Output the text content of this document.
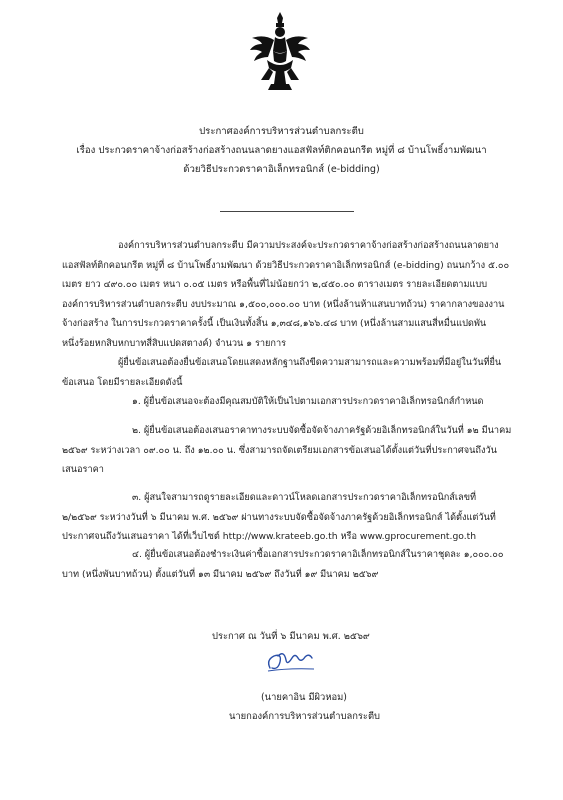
ประกาศองค์การบริหารส่วนตำบลกระตีบ
เรื่อง ประกวดราคาจ้างก่อสร้างก่อสร้างถนนลาดยางแอสฟัลท์ติกคอนกรีต หมู่ที่ ๘ บ้านโพธิ์งามพัฒนา
ด้วยวิธีประกวดราคาอิเล็กทรอนิกส์ (e-bidding)
องค์การบริหารส่วนตำบลกระตีบ มีความประสงค์จะประกวดราคาจ้างก่อสร้างก่อสร้างถนนลาดยาง
แอสฟัลท์ติกคอนกรีต หมู่ที่ ๘ บ้านโพธิ์งามพัฒนา ด้วยวิธีประกวดราคาอิเล็กทรอนิกส์ (e-bidding) ถนนกว้าง ๕.๐๐
เมตร ยาว ๔๙๐.๐๐ เมตร หนา ๐.๐๕ เมตร หรือพื้นที่ไม่น้อยกว่า ๒,๔๕๐.๐๐ ตารางเมตร รายละเอียดตามแบบ
องค์การบริหารส่วนตำบลกระตีบ งบประมาณ ๑,๕๐๐,๐๐๐.๐๐ บาท (หนึ่งล้านห้าแสนบาทถ้วน) ราคากลางของงาน
จ้างก่อสร้าง ในการประกวดราคาครั้งนี้ เป็นเงินทั้งสิ้น ๑,๓๔๘,๑๖๖.๔๘ บาท (หนึ่งล้านสามแสนสี่หมื่นแปดพัน
หนึ่งร้อยหกสิบหกบาทสี่สิบแปดสตางค์) จำนวน ๑ รายการ
ผู้ยื่นข้อเสนอต้องยื่นข้อเสนอโดยแสดงหลักฐานถึงขีดความสามารถและความพร้อมที่มีอยู่ในวันที่ยื่น
ข้อเสนอ โดยมีรายละเอียดดังนี้
๑. ผู้ยื่นข้อเสนอจะต้องมีคุณสมบัติให้เป็นไปตามเอกสารประกวดราคาอิเล็กทรอนิกส์กำหนด
๒. ผู้ยื่นข้อเสนอต้องเสนอราคาทางระบบจัดซื้อจัดจ้างภาครัฐด้วยอิเล็กทรอนิกส์ในวันที่ ๑๒ มีนาคม
๒๕๖๙ ระหว่างเวลา ๐๙.๐๐ น. ถึง ๑๒.๐๐ น. ซึ่งสามารถจัดเตรียมเอกสารข้อเสนอได้ตั้งแต่วันที่ประกาศจนถึงวัน
เสนอราคา
๓. ผู้สนใจสามารถดูรายละเอียดและดาวน์โหลดเอกสารประกวดราคาอิเล็กทรอนิกส์เลขที่
๒/๒๕๖๙ ระหว่างวันที่ ๖ มีนาคม พ.ศ. ๒๕๖๙ ผ่านทางระบบจัดซื้อจัดจ้างภาครัฐด้วยอิเล็กทรอนิกส์ ได้ตั้งแต่วันที่
ประกาศจนถึงวันเสนอราคา ได้ที่เว็บไซต์ http://www.krateeb.go.th หรือ www.gprocurement.go.th
๔. ผู้ยื่นข้อเสนอต้องชำระเงินค่าซื้อเอกสารประกวดราคาอิเล็กทรอนิกส์ในราคาชุดละ ๑,๐๐๐.๐๐
บาท (หนึ่งพันบาทถ้วน) ตั้งแต่วันที่ ๑๓ มีนาคม ๒๕๖๙ ถึงวันที่ ๑๙ มีนาคม ๒๕๖๙
ประกาศ ณ วันที่ ๖ มีนาคม พ.ศ. ๒๕๖๙
(นายคาอิน มีผิวหอม)
นายกองค์การบริหารส่วนตำบลกระตีบ
